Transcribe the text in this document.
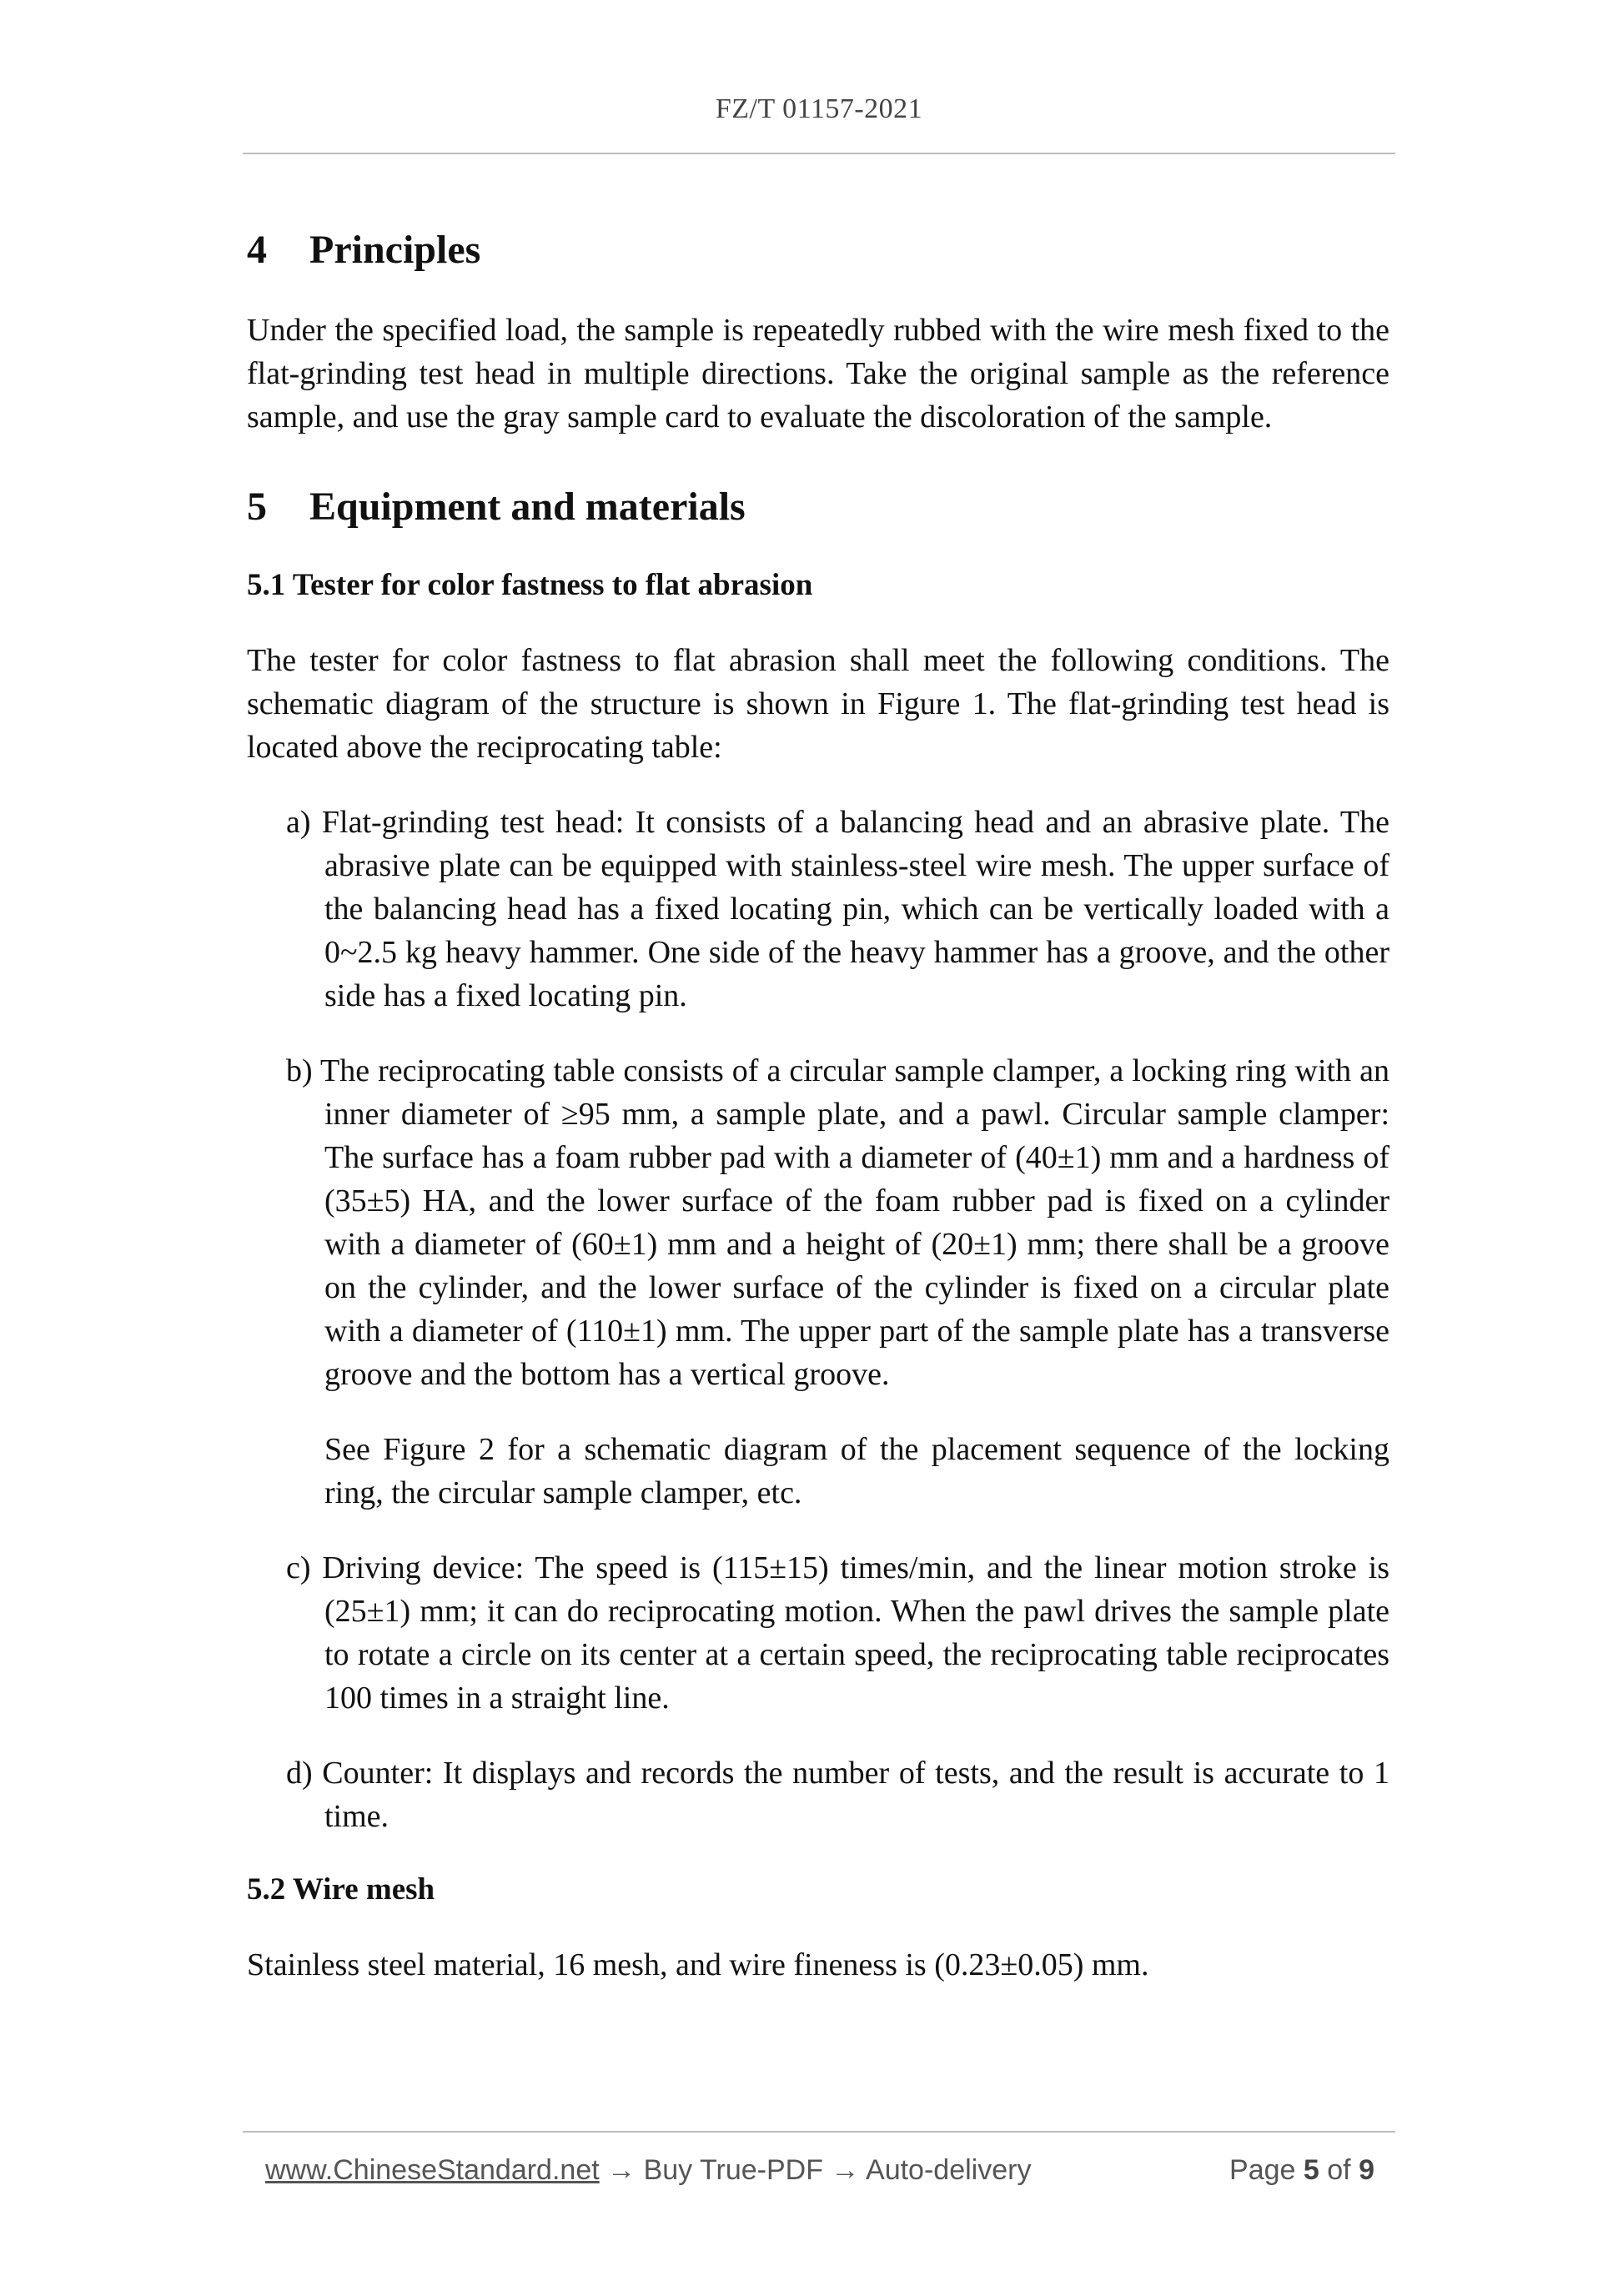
FZ/T 01157-2021
4 Principles

Under the specified load, the sample is repeatedly rubbed with the wire mesh fixed to the flat-grinding test head in multiple directions. Take the original sample as the reference sample, and use the gray sample card to evaluate the discoloration of the sample.

5 Equipment and materials
5.1 Tester for color fastness to flat abrasion

The tester for color fastness to flat abrasion shall meet the following conditions. The schematic diagram of the structure is shown in Figure 1. The flat-grinding test head is located above the reciprocating table:

a) Flat-grinding test head: It consists of a balancing head and an abrasive plate. The abrasive plate can be equipped with stainless-steel wire mesh. The upper surface of the balancing head has a fixed locating pin, which can be vertically loaded with a 0~2.5 kg heavy hammer. One side of the heavy hammer has a groove, and the other side has a fixed locating pin.

b) The reciprocating table consists of a circular sample clamper, a locking ring with an inner diameter of ≥95 mm, a sample plate, and a pawl. Circular sample clamper: The surface has a foam rubber pad with a diameter of (40±1) mm and a hardness of (35±5) HA, and the lower surface of the foam rubber pad is fixed on a cylinder with a diameter of (60±1) mm and a height of (20±1) mm; there shall be a groove on the cylinder, and the lower surface of the cylinder is fixed on a circular plate with a diameter of (110±1) mm. The upper part of the sample plate has a transverse groove and the bottom has a vertical groove.

See Figure 2 for a schematic diagram of the placement sequence of the locking ring, the circular sample clamper, etc.

c) Driving device: The speed is (115±15) times/min, and the linear motion stroke is (25±1) mm; it can do reciprocating motion. When the pawl drives the sample plate to rotate a circle on its center at a certain speed, the reciprocating table reciprocates 100 times in a straight line.

d) Counter: It displays and records the number of tests, and the result is accurate to 1 time.

5.2 Wire mesh

Stainless steel material, 16 mesh, and wire fineness is (0.23±0.05) mm.

www.ChineseStandard.net → Buy True-PDF → Auto-delivery	Page 5 of 9
